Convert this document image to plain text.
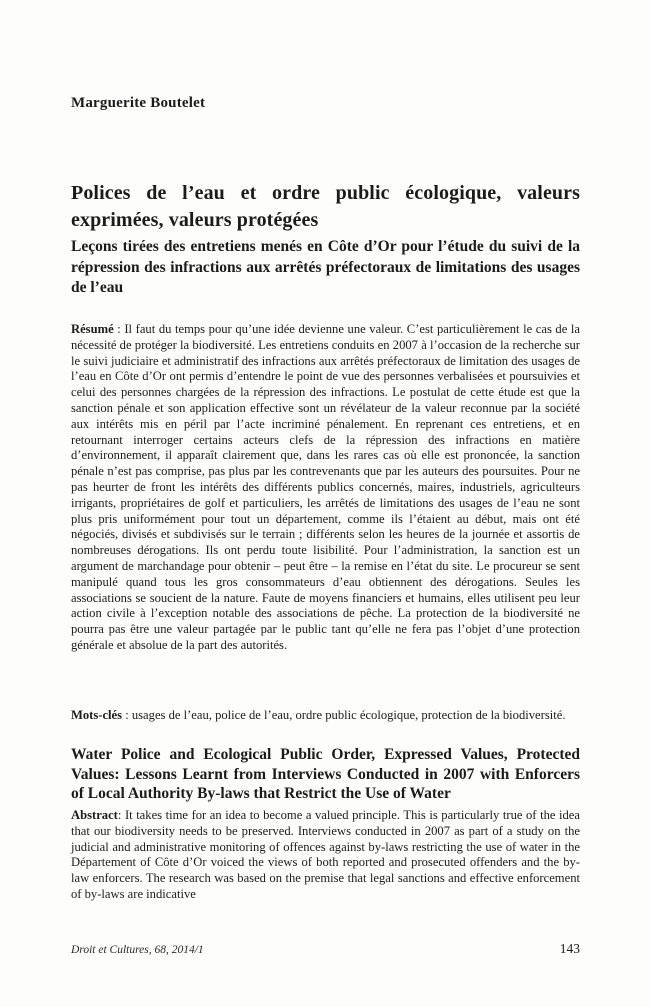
Marguerite Boutelet
Polices de l’eau et ordre public écologique, valeurs exprimées, valeurs protégées
Leçons tirées des entretiens menés en Côte d’Or pour l’étude du suivi de la répression des infractions aux arrêtés préfectoraux de limitations des usages de l’eau

Résumé : Il faut du temps pour qu’une idée devienne une valeur. C’est particulièrement le cas de la nécessité de protéger la biodiversité. Les entretiens conduits en 2007 à l’occasion de la recherche sur le suivi judiciaire et administratif des infractions aux arrêtés préfectoraux de limitation des usages de l’eau en Côte d’Or ont permis d’entendre le point de vue des personnes verbalisées et poursuivies et celui des personnes chargées de la répression des infractions. Le postulat de cette étude est que la sanction pénale et son application effective sont un révélateur de la valeur reconnue par la société aux intérêts mis en péril par l’acte incriminé pénalement. En reprenant ces entretiens, et en retournant interroger certains acteurs clefs de la répression des infractions en matière d’environnement, il apparaît clairement que, dans les rares cas où elle est prononcée, la sanction pénale n’est pas comprise, pas plus par les contrevenants que par les auteurs des poursuites. Pour ne pas heurter de front les intérêts des différents publics concernés, maires, industriels, agriculteurs irrigants, propriétaires de golf et particuliers, les arrêtés de limitations des usages de l’eau ne sont plus pris uniformément pour tout un département, comme ils l’étaient au début, mais ont été négociés, divisés et subdivisés sur le terrain ; différents selon les heures de la journée et assortis de nombreuses dérogations. Ils ont perdu toute lisibilité. Pour l’administration, la sanction est un argument de marchandage pour obtenir – peut être – la remise en l’état du site. Le procureur se sent manipulé quand tous les gros consommateurs d’eau obtiennent des dérogations. Seules les associations se soucient de la nature. Faute de moyens financiers et humains, elles utilisent peu leur action civile à l’exception notable des associations de pêche. La protection de la biodiversité ne pourra pas être une valeur partagée par le public tant qu’elle ne fera pas l’objet d’une protection générale et absolue de la part des autorités.

Mots-clés : usages de l’eau, police de l’eau, ordre public écologique, protection de la biodiversité.

Water Police and Ecological Public Order, Expressed Values, Protected Values: Lessons Learnt from Interviews Conducted in 2007 with Enforcers of Local Authority By-laws that Restrict the Use of Water

Abstract: It takes time for an idea to become a valued principle. This is particularly true of the idea that our biodiversity needs to be preserved. Interviews conducted in 2007 as part of a study on the judicial and administrative monitoring of offences against by-laws restricting the use of water in the Département of Côte d’Or voiced the views of both reported and prosecuted offenders and the by-law enforcers. The research was based on the premise that legal sanctions and effective enforcement of by-laws are indicative

Droit et Cultures, 68, 2014/1	143
